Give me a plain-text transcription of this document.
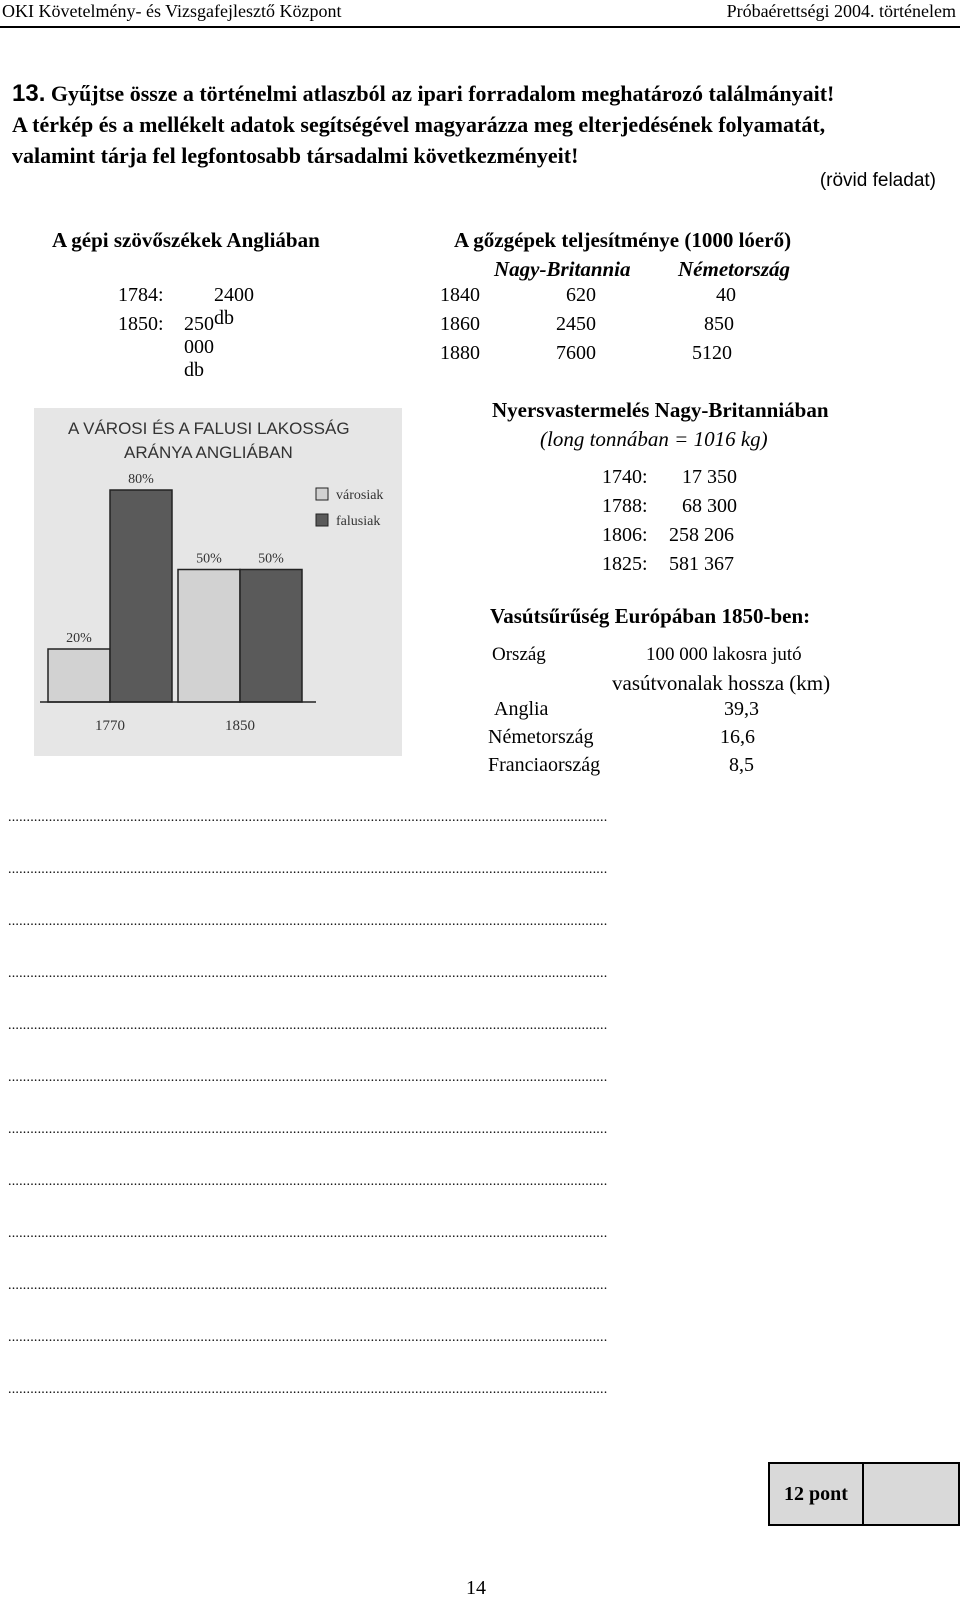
OKI Követelmény- és Vizsgafejlesztő Központ	Próbaérettségi 2004. történelem
13. Gyűjtse össze a történelmi atlaszból az ipari forradalom meghatározó találmányait!
A térkép és a mellékelt adatok segítségével magyarázza meg elterjedésének folyamatát,
valamint tárja fel legfontosabb társadalmi következményeit!
(rövid feladat)
A gépi szövőszékek Angliában
1784:	2400 db
1850: 250 000 db
A gőzgépek teljesítménye (1000 lóerő)
Nagy-Britannia Németország
1840	620	40
1860	2450	850
1880	7600	5120
A VÁROSI ÉS A FALUSI LAKOSSÁG
ARÁNYA ANGLIÁBAN
20%
80%
1770
50%	50%
1850
városiak
falusiak
Nyersvastermelés Nagy-Britanniában
(long tonnában = 1016 kg)
1740: 17 350
1788: 68 300
1806: 258 206
1825: 581 367
Vasútsűrűség Európában 1850-ben:
Ország	100 000 lakosra jutó
vasútvonalak hossza (km)
Anglia	39,3
Németország	16,6
Franciaország	8,5
..................................................................................................................................................................
..................................................................................................................................................................
..................................................................................................................................................................
..................................................................................................................................................................
..................................................................................................................................................................
..................................................................................................................................................................
..................................................................................................................................................................
..................................................................................................................................................................
..................................................................................................................................................................
..................................................................................................................................................................
..................................................................................................................................................................
..................................................................................................................................................................
12 pont
14
